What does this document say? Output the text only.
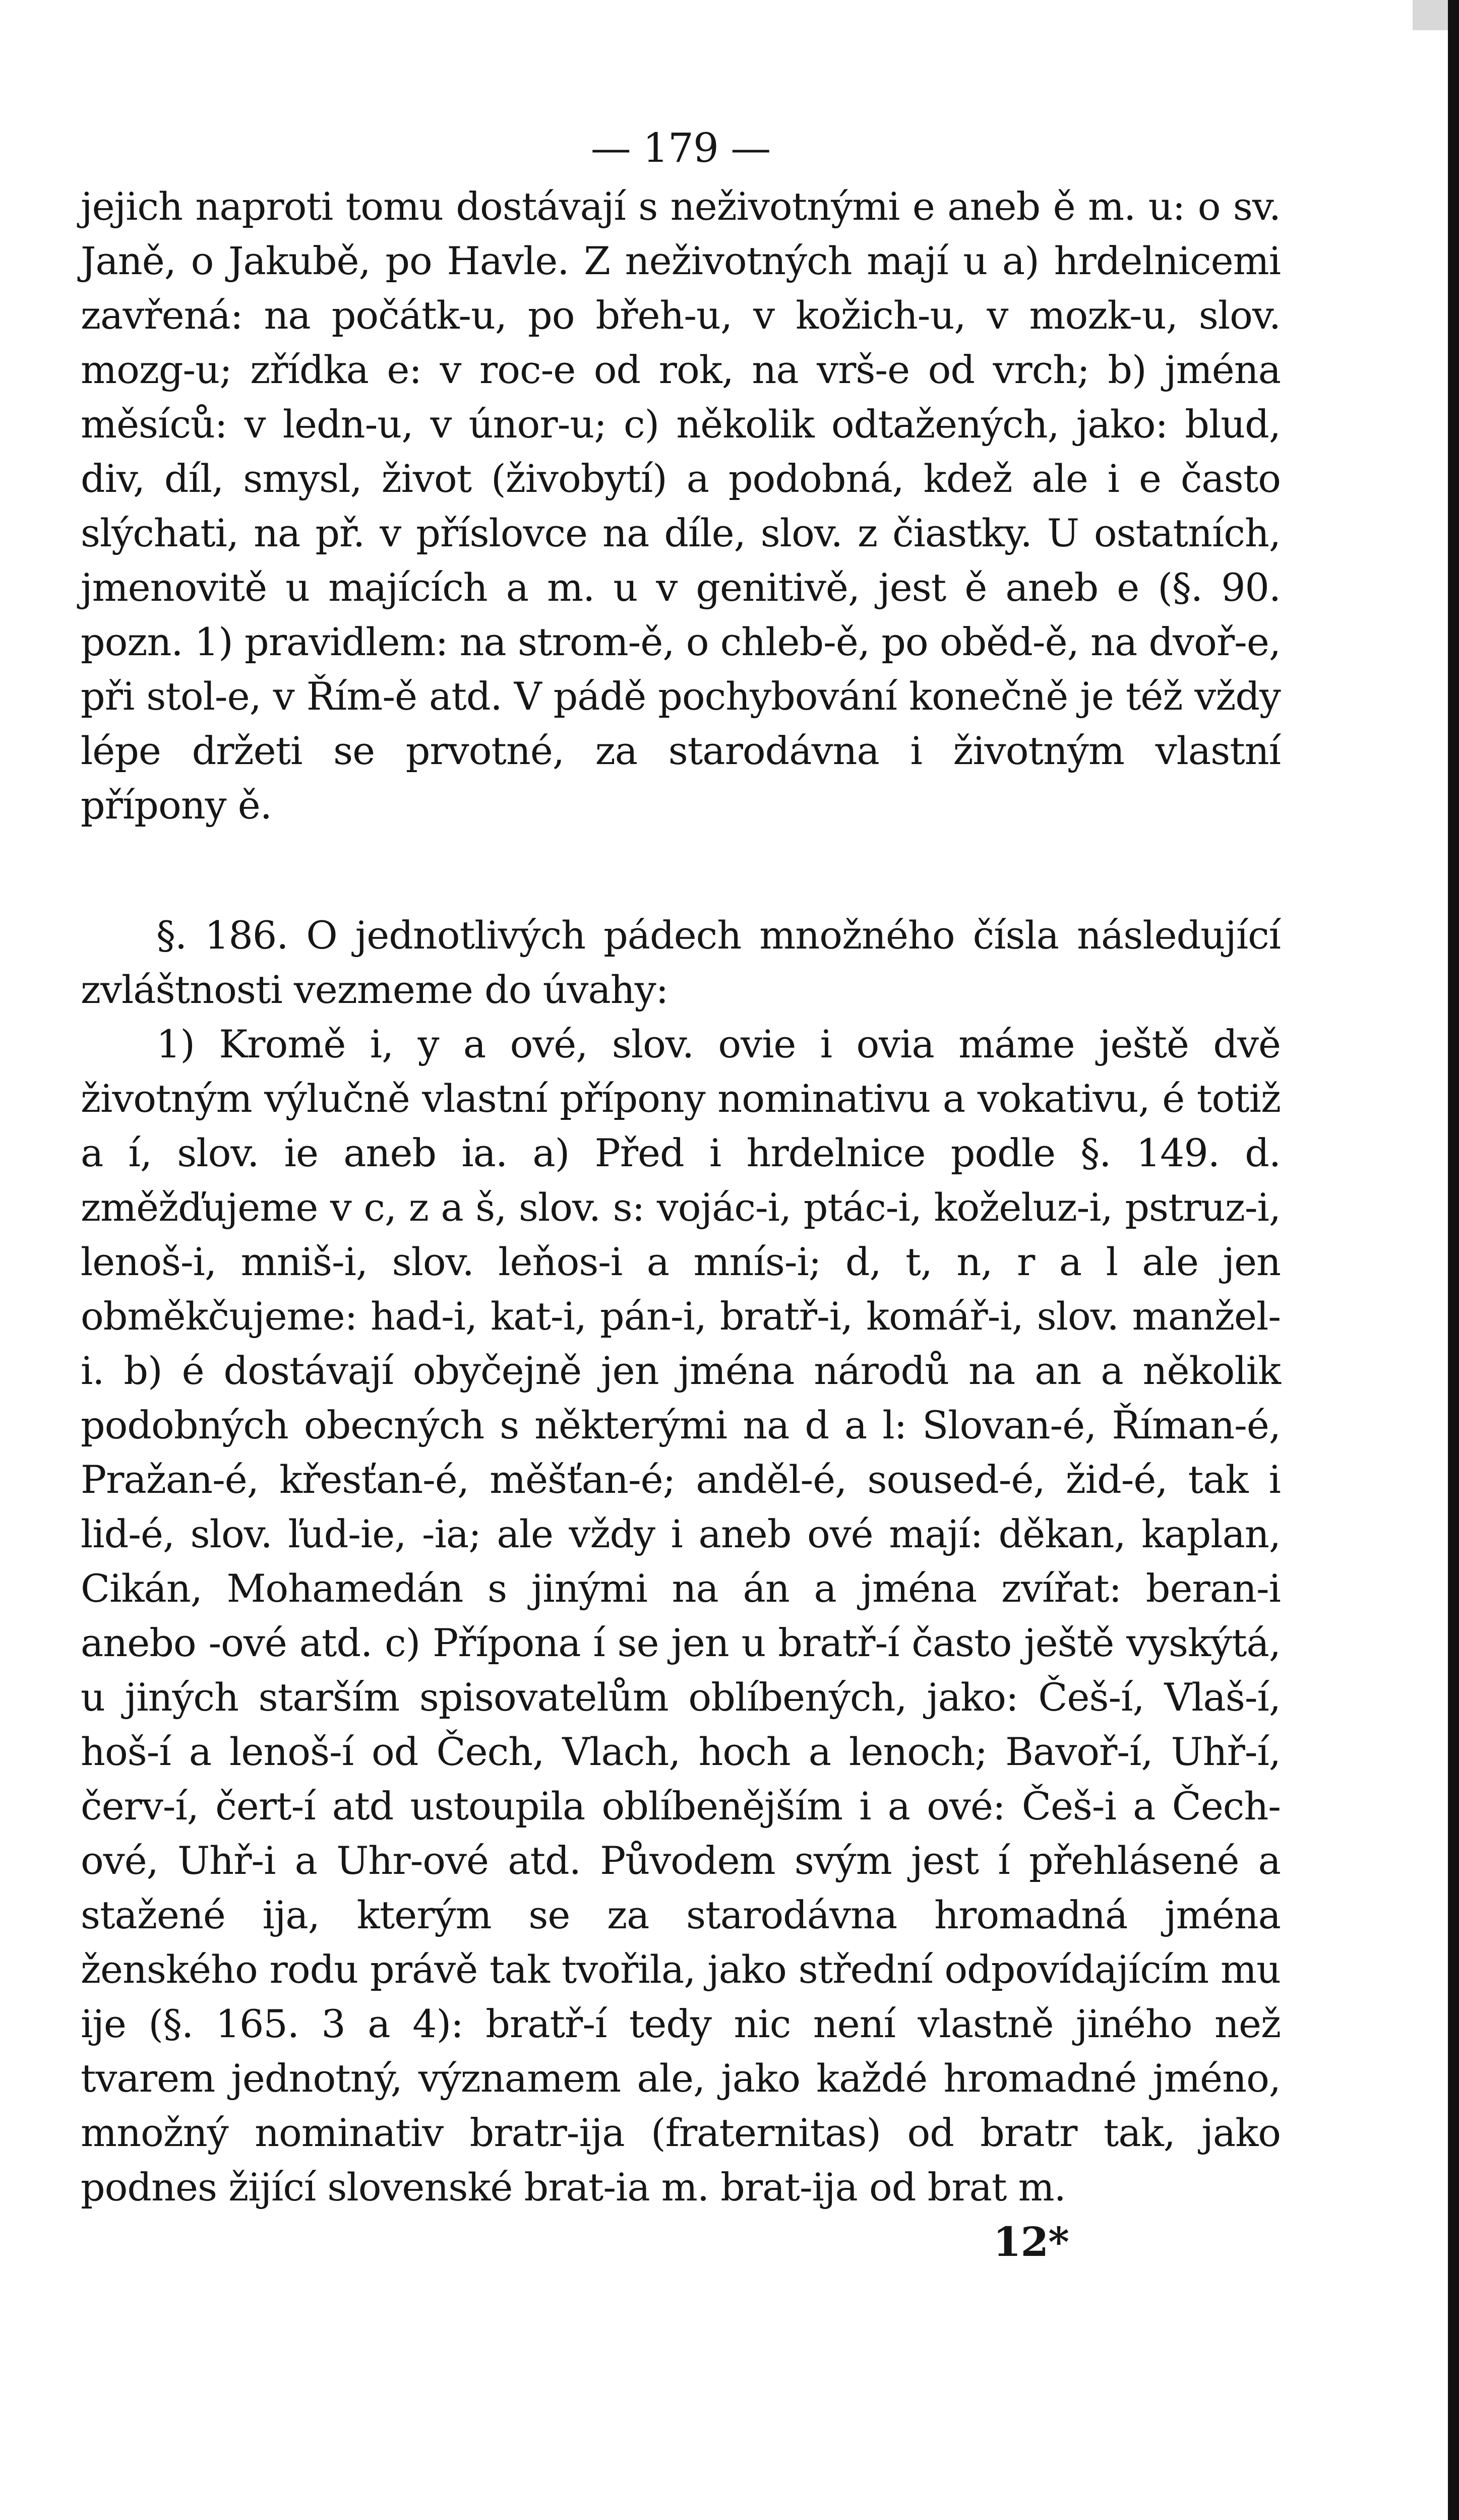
— 179 —

jejich naproti tomu dostávají s neživotnými e aneb ě m. u: o sv. Janě, o Jakubě, po Havle. Z neživotných mají u a) hrdelnicemi zavřená: na počátk-u, po břeh-u, v kožich-u, v mozk-u, slov. mozg-u; zřídka e: v roc-e od rok, na vrš-e od vrch; b) jména měsíců: v ledn-u, v únor-u; c) několik odtažených, jako: blud, div, díl, smysl, život (živobytí) a podobná, kdež ale i e často slýchati, na př. v příslovce na díle, slov. z čiastky. U ostatních, jmenovitě u majících a m. u v genitivě, jest ě aneb e (§. 90. pozn. 1) pravidlem: na strom-ě, o chleb-ě, po oběd-ě, na dvoř-e, při stol-e, v Řím-ě atd. V pádě pochybování konečně je též vždy lépe držeti se prvotné, za starodávna i životným vlastní přípony ě.

§. 186. O jednotlivých pádech množného čísla následující zvláštnosti vezmeme do úvahy:

1) Kromě i, y a ové, slov. ovie i ovia máme ještě dvě životným výlučně vlastní přípony nominativu a vokativu, é totiž a í, slov. ie aneb ia. a) Před i hrdelnice podle §. 149. d. změžďujeme v c, z a š, slov. s: vojác-i, ptác-i, koželuz-i, pstruz-i, lenoš-i, mniš-i, slov. leňos-i a mnís-i; d, t, n, r a l ale jen obměkčujeme: had-i, kat-i, pán-i, bratř-i, komář-i, slov. manžel-i. b) é dostávají obyčejně jen jména národů na an a několik podobných obecných s některými na d a l: Slovan-é, Říman-é, Pražan-é, křesťan-é, měšťan-é; anděl-é, soused-é, žid-é, tak i lid-é, slov. ľud-ie, -ia; ale vždy i aneb ové mají: děkan, kaplan, Cikán, Mohamedán s jinými na án a jména zvířat: beran-i anebo -ové atd. c) Přípona í se jen u bratř-í často ještě vyskýtá, u jiných starším spisovatelům oblíbených, jako: Češ-í, Vlaš-í, hoš-í a lenoš-í od Čech, Vlach, hoch a lenoch; Bavoř-í, Uhř-í, červ-í, čert-í atd ustoupila oblíbenějším i a ové: Češ-i a Čech-ové, Uhř-i a Uhr-ové atd. Původem svým jest í přehlásené a stažené ija, kterým se za starodávna hromadná jména ženského rodu právě tak tvořila, jako střední odpovídajícím mu ije (§. 165. 3 a 4): bratř-í tedy nic není vlastně jiného než tvarem jednotný, významem ale, jako každé hromadné jméno, množný nominativ bratr-ija (fraternitas) od bratr tak, jako podnes žijící slovenské brat-ia m. brat-ija od brat m.

12*
